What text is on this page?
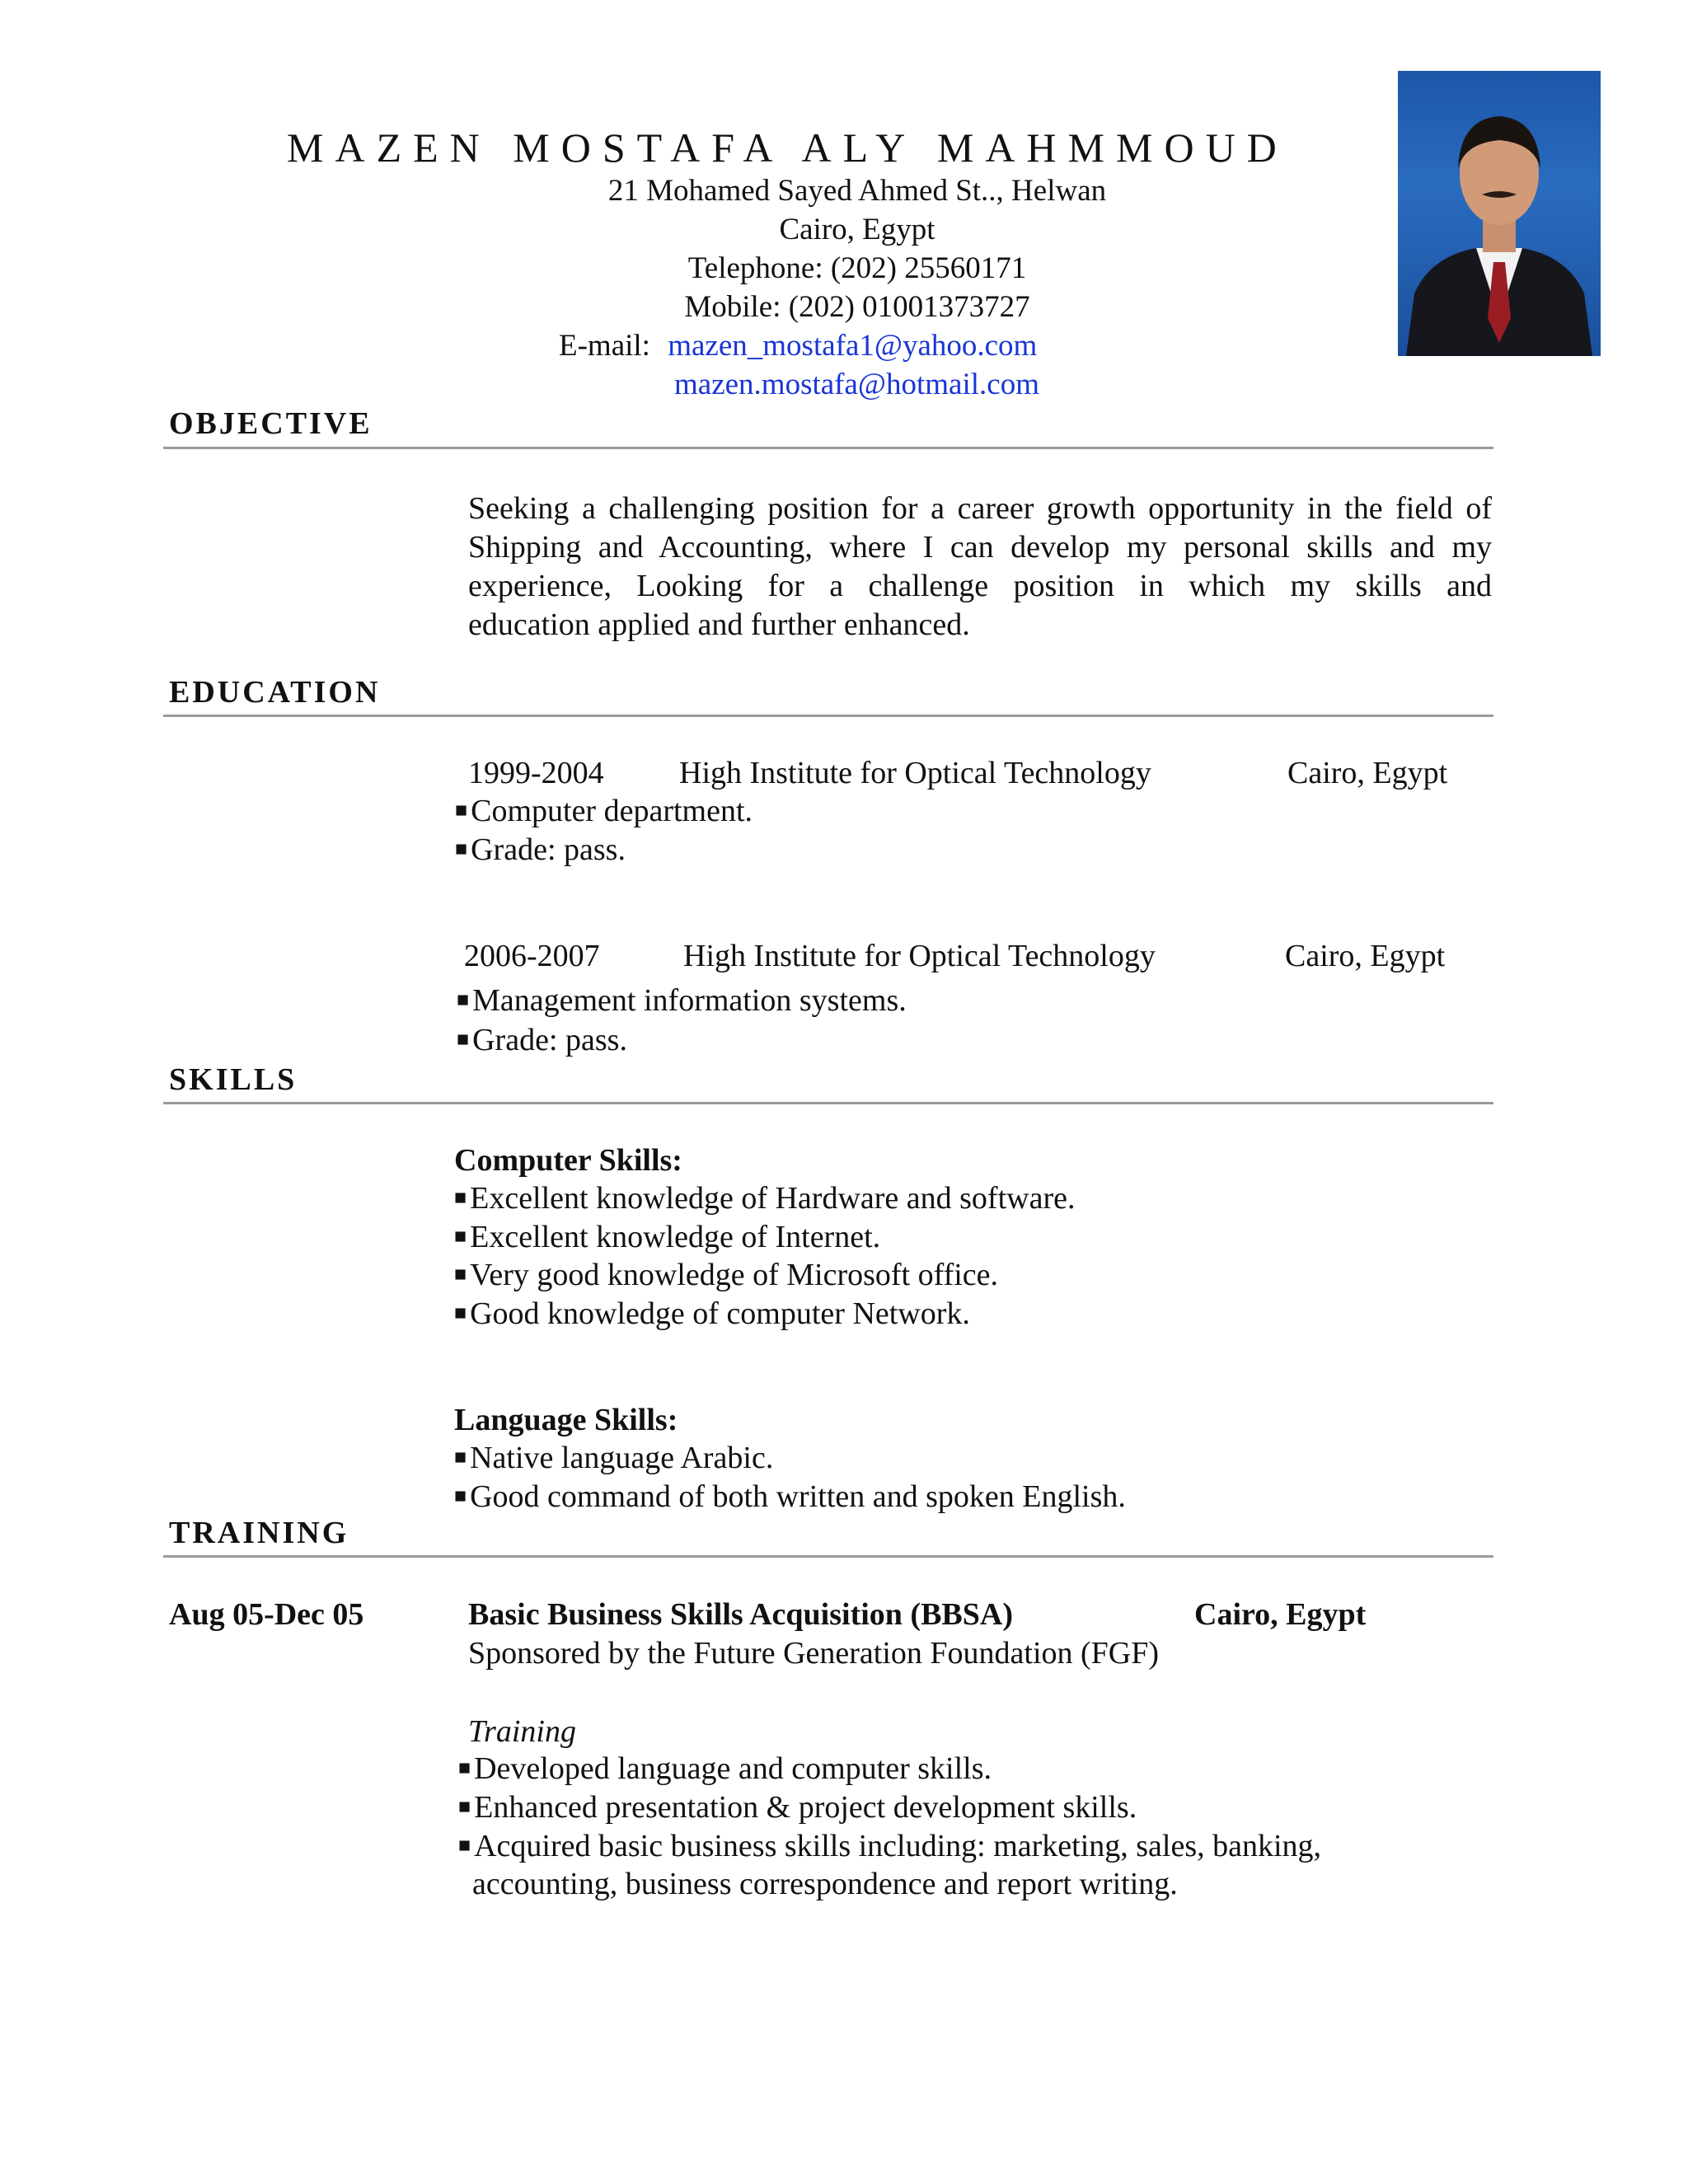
MAZEN MOSTAFA ALY MAHMMOUD
21 Mohamed Sayed Ahmed St.., Helwan
Cairo, Egypt
Telephone: (202) 25560171
Mobile: (202) 01001373727
E-mail: mazen_mostafa1@yahoo.com
mazen.mostafa@hotmail.com
OBJECTIVE
Seeking a challenging position for a career growth opportunity in the field of
Shipping and Accounting, where I can develop my personal skills and my
experience, Looking for a challenge position in which my skills and
education applied and further enhanced.
EDUCATION
1999-2004 High Institute for Optical Technology	Cairo, Egypt
■ Computer department.
■ Grade: pass.
2006-2007	High Institute for Optical Technology	Cairo, Egypt
■ Management information systems.
■ Grade: pass.
SKILLS
Computer Skills:
■ Excellent knowledge of Hardware and software.
■ Excellent knowledge of Internet.
■ Very good knowledge of Microsoft office.
■ Good knowledge of computer Network.
Language Skills:
■ Native language Arabic.
■ Good command of both written and spoken English.
TRAINING
Aug 05-Dec 05	Basic Business Skills Acquisition (BBSA)	Cairo, Egypt
Sponsored by the Future Generation Foundation (FGF)
Training
■ Developed language and computer skills.
■ Enhanced presentation & project development skills.
■ Acquired basic business skills including: marketing, sales, banking,
accounting, business correspondence and report writing.
